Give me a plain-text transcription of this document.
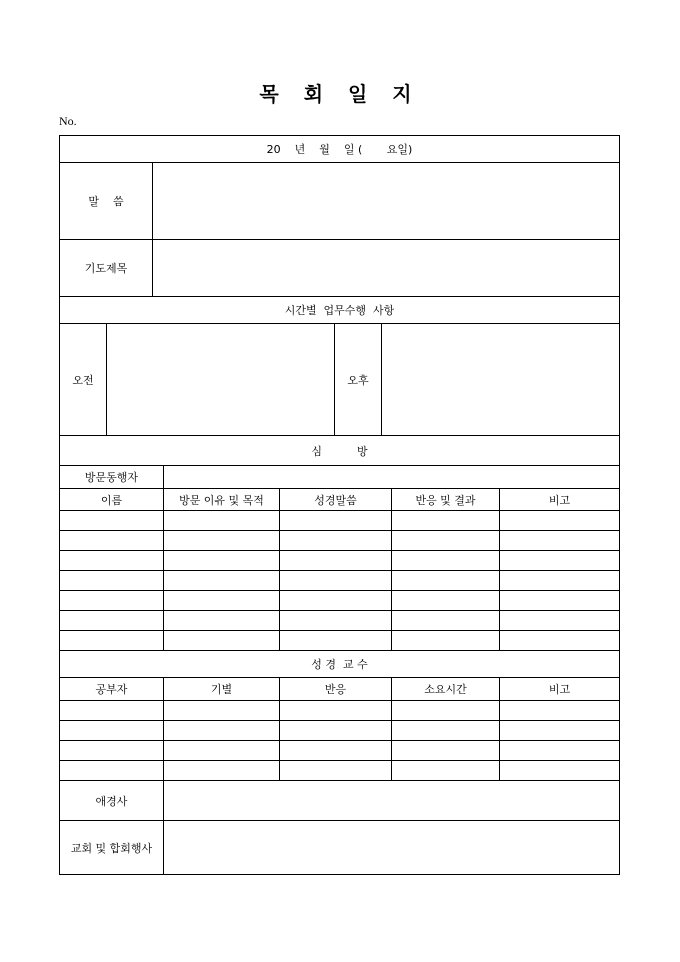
목 회 일 지
No.
20    년    월    일 (       요일)
말    씀
기도제목
시간별  업무수행  사항
오전	오후
심          방
방문동행자
이름	방문 이유 및 목적	성경말씀	반응 및 결과	비고
성 경  교 수
공부자	기별	반응	소요시간	비고
애경사
교회 및 합회행사
